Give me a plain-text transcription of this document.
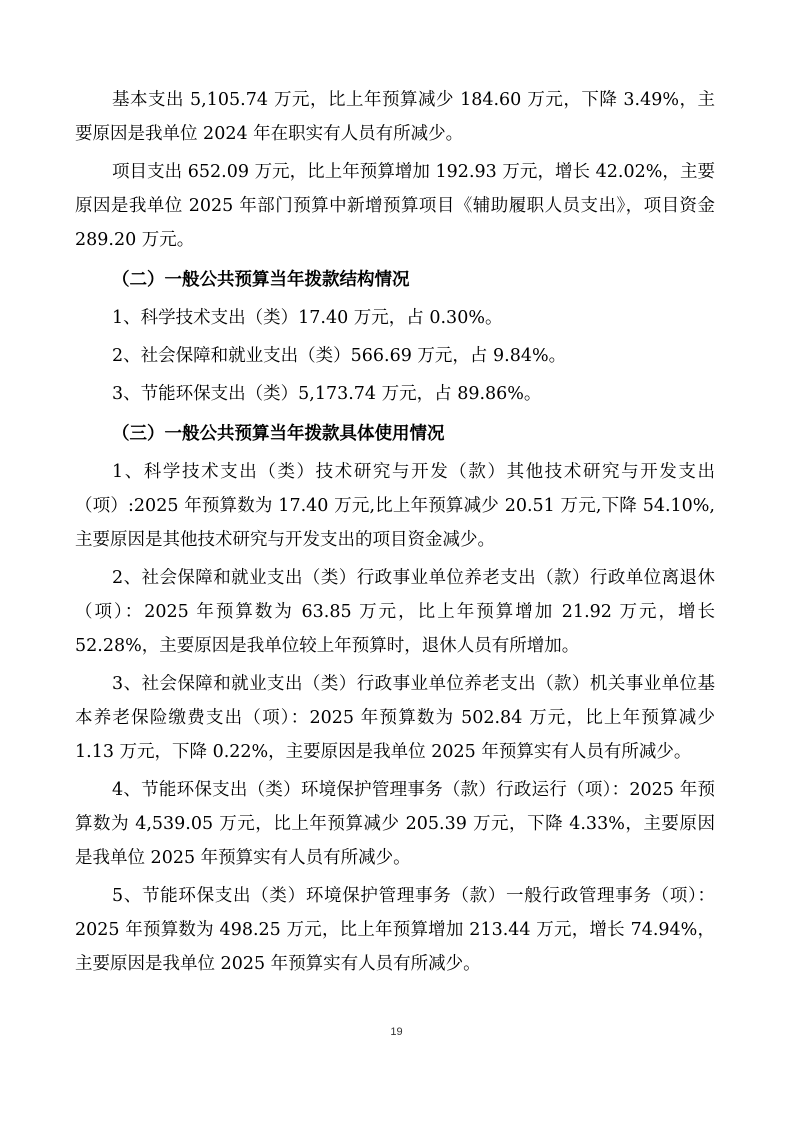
基本支出 5,105.74 万元，比上年预算减少 184.60 万元，下降 3.49%，主要原因是我单位 2024 年在职实有人员有所减少。

项目支出 652.09 万元，比上年预算增加 192.93 万元，增长 42.02%，主要原因是我单位 2025 年部门预算中新增预算项目《辅助履职人员支出》，项目资金 289.20 万元。

（二）一般公共预算当年拨款结构情况

1、科学技术支出（类）17.40 万元，占 0.30%。

2、社会保障和就业支出（类）566.69 万元，占 9.84%。

3、节能环保支出（类）5,173.74 万元，占 89.86%。

（三）一般公共预算当年拨款具体使用情况

1、科学技术支出（类）技术研究与开发（款）其他技术研究与开发支出（项）:2025 年预算数为 17.40 万元,比上年预算减少 20.51 万元,下降 54.10%,主要原因是其他技术研究与开发支出的项目资金减少。

2、社会保障和就业支出（类）行政事业单位养老支出（款）行政单位离退休（项）：2025 年预算数为 63.85 万元，比上年预算增加 21.92 万元，增长 52.28%，主要原因是我单位较上年预算时，退休人员有所增加。

3、社会保障和就业支出（类）行政事业单位养老支出（款）机关事业单位基本养老保险缴费支出（项）：2025 年预算数为 502.84 万元，比上年预算减少 1.13 万元，下降 0.22%，主要原因是我单位 2025 年预算实有人员有所减少。

4、节能环保支出（类）环境保护管理事务（款）行政运行（项）：2025 年预算数为 4,539.05 万元，比上年预算减少 205.39 万元，下降 4.33%，主要原因是我单位 2025 年预算实有人员有所减少。

5、节能环保支出（类）环境保护管理事务（款）一般行政管理事务（项）：2025 年预算数为 498.25 万元，比上年预算增加 213.44 万元，增长 74.94%，主要原因是我单位 2025 年预算实有人员有所减少。

19
